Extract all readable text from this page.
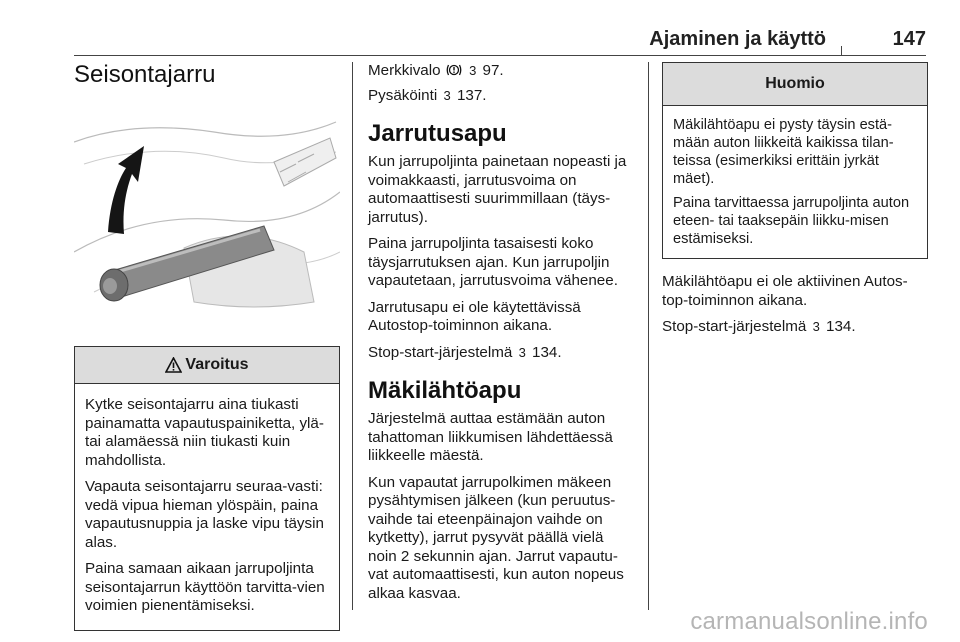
Ajaminen ja käyttö	147
Seisontajarru
Varoitus

Kytke seisontajarru aina tiukasti painamatta vapautuspainiketta, ylä- tai alamäessä niin tiukasti kuin mahdollista.

Vapauta seisontajarru seuraa-vasti: vedä vipua hieman ylöspäin, paina vapautusnuppia ja laske vipu täysin alas.

Paina samaan aikaan jarrupoljinta seisontajarrun käyttöön tarvitta-vien voimien pienentämiseksi.

Merkkivalo 3 97.

Pysäköinti 3 137.

Jarrutusapu

Kun jarrupoljinta painetaan nopeasti ja voimakkaasti, jarrutusvoima on automaattisesti suurimmillaan (täys-jarrutus).

Paina jarrupoljinta tasaisesti koko täysjarrutuksen ajan. Kun jarrupoljin vapautetaan, jarrutusvoima vähenee.

Jarrutusapu ei ole käytettävissä Autostop-toiminnon aikana.

Stop-start-järjestelmä 3 134.

Mäkilähtöapu

Järjestelmä auttaa estämään auton tahattoman liikkumisen lähdettäessä liikkeelle mäestä.

Kun vapautat jarrupolkimen mäkeen pysähtymisen jälkeen (kun peruutus-vaihde tai eteenpäinajon vaihde on kytketty), jarrut pysyvät päällä vielä noin 2 sekunnin ajan. Jarrut vapautu-vat automaattisesti, kun auton nopeus alkaa kasvaa.

Huomio

Mäkilähtöapu ei pysty täysin estä-mään auton liikkeitä kaikissa tilan-teissa (esimerkiksi erittäin jyrkät mäet).

Paina tarvittaessa jarrupoljinta auton eteen- tai taaksepäin liikku-misen estämiseksi.

Mäkilähtöapu ei ole aktiivinen Autos-top-toiminnon aikana.

Stop-start-järjestelmä 3 134.

carmanualsonline.info
